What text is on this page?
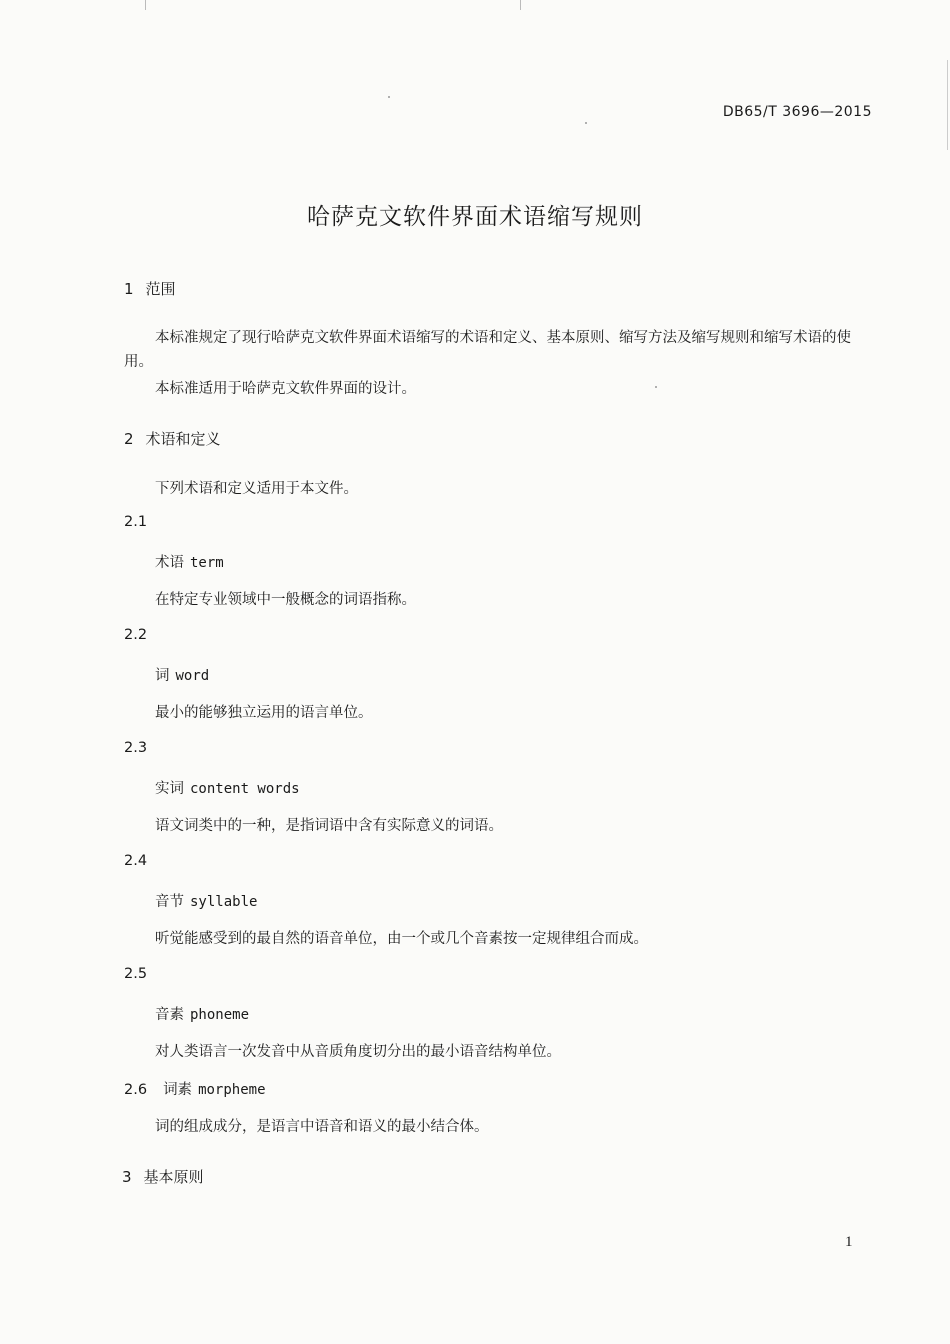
DB65/T 3696—2015
哈萨克文软件界面术语缩写规则
1 范围
本标准规定了现行哈萨克文软件界面术语缩写的术语和定义、基本原则、缩写方法及缩写规则和缩写术语的使用。
本标准适用于哈萨克文软件界面的设计。
2 术语和定义
下列术语和定义适用于本文件。
2.1
术语 term
在特定专业领域中一般概念的词语指称。
2.2
词 word
最小的能够独立运用的语言单位。
2.3
实词 content words
语文词类中的一种，是指词语中含有实际意义的词语。
2.4
音节 syllable
听觉能感受到的最自然的语音单位，由一个或几个音素按一定规律组合而成。
2.5
音素 phoneme
对人类语言一次发音中从音质角度切分出的最小语音结构单位。
2.6 词素 morpheme
词的组成成分，是语言中语音和语义的最小结合体。
3 基本原则
1
